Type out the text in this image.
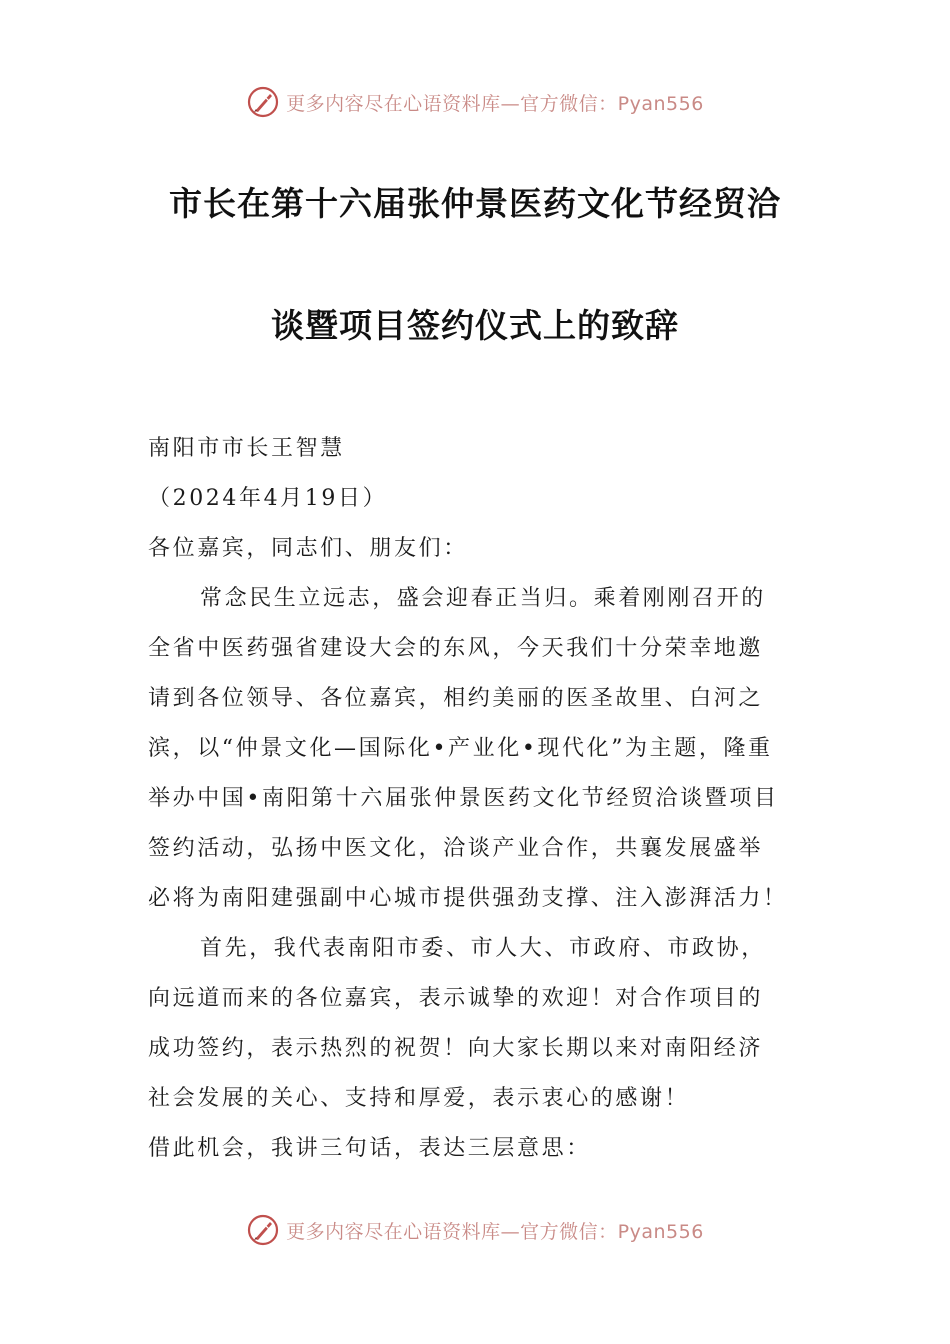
更多内容尽在心语资料库—官方微信：Pyan556
市长在第十六届张仲景医药文化节经贸洽
谈暨项目签约仪式上的致辞
南阳市市长王智慧
（2024年4月19日）
各位嘉宾，同志们、朋友们：
常念民生立远志，盛会迎春正当归。乘着刚刚召开的
全省中医药强省建设大会的东风，今天我们十分荣幸地邀
请到各位领导、各位嘉宾，相约美丽的医圣故里、白河之
滨，以“仲景文化—国际化•产业化•现代化”为主题，隆重
举办中国•南阳第十六届张仲景医药文化节经贸洽谈暨项目
签约活动，弘扬中医文化，洽谈产业合作，共襄发展盛举
必将为南阳建强副中心城市提供强劲支撑、注入澎湃活力！
首先，我代表南阳市委、市人大、市政府、市政协，
向远道而来的各位嘉宾，表示诚挚的欢迎！对合作项目的
成功签约，表示热烈的祝贺！向大家长期以来对南阳经济
社会发展的关心、支持和厚爱，表示衷心的感谢！
借此机会，我讲三句话，表达三层意思：
更多内容尽在心语资料库—官方微信：Pyan556
